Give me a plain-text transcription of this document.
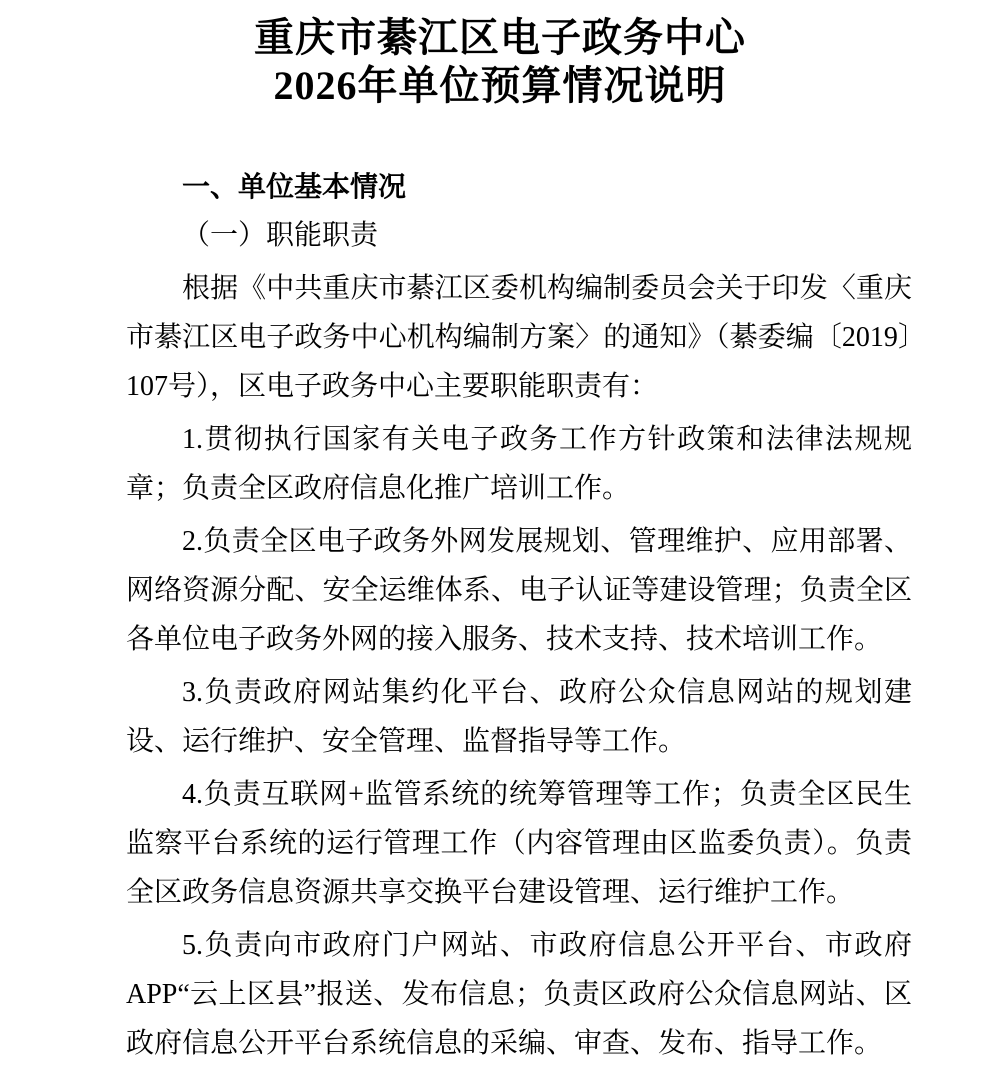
重庆市綦江区电子政务中心
2026年单位预算情况说明
一、单位基本情况
（一）职能职责

根据《中共重庆市綦江区委机构编制委员会关于印发〈重庆市綦江区电子政务中心机构编制方案〉的通知》（綦委编〔2019〕107号），区电子政务中心主要职能职责有：

1.贯彻执行国家有关电子政务工作方针政策和法律法规规章；负责全区政府信息化推广培训工作。

2.负责全区电子政务外网发展规划、管理维护、应用部署、网络资源分配、安全运维体系、电子认证等建设管理；负责全区各单位电子政务外网的接入服务、技术支持、技术培训工作。

3.负责政府网站集约化平台、政府公众信息网站的规划建设、运行维护、安全管理、监督指导等工作。

4.负责互联网+监管系统的统筹管理等工作；负责全区民生监察平台系统的运行管理工作（内容管理由区监委负责）。负责全区政务信息资源共享交换平台建设管理、运行维护工作。

5.负责向市政府门户网站、市政府信息公开平台、市政府APP“云上区县”报送、发布信息；负责区政府公众信息网站、区政府信息公开平台系统信息的采编、审查、发布、指导工作。
